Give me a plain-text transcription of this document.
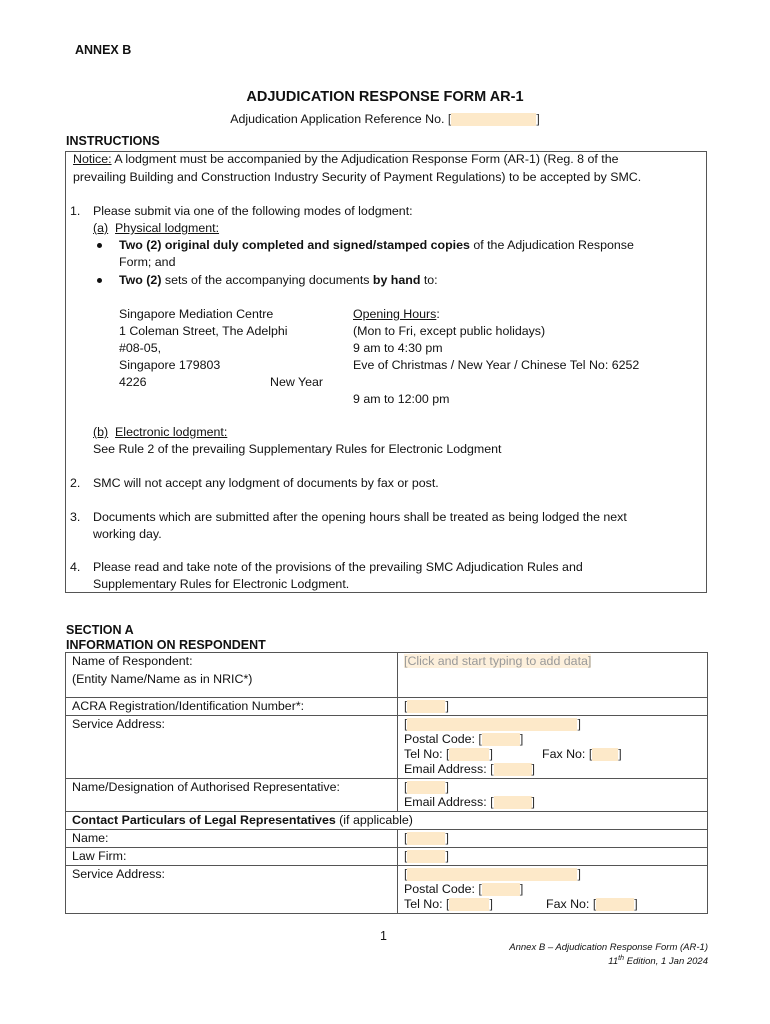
ANNEX B
ADJUDICATION RESPONSE FORM AR-1
Adjudication Application Reference No. [	]
INSTRUCTIONS
Notice: A lodgment must be accompanied by the Adjudication Response Form (AR-1) (Reg. 8 of the
prevailing Building and Construction Industry Security of Payment Regulations) to be accepted by SMC.
1. Please submit via one of the following modes of lodgment:
(a) Physical lodgment:
Two (2) original duly completed and signed/stamped copies of the Adjudication Response
Form; and
Two (2) sets of the accompanying documents by hand to:
Singapore Mediation Centre
1 Coleman Street, The Adelphi
#08-05,
Singapore 179803
4226	New Year
Opening Hours:
(Mon to Fri, except public holidays)
9 am to 4:30 pm
Eve of Christmas / New Year / Chinese Tel No: 6252
9 am to 12:00 pm
(b) Electronic lodgment:
See Rule 2 of the prevailing Supplementary Rules for Electronic Lodgment
2. SMC will not accept any lodgment of documents by fax or post.
3. Documents which are submitted after the opening hours shall be treated as being lodged the next
working day.
4. Please read and take note of the provisions of the prevailing SMC Adjudication Rules and
Supplementary Rules for Electronic Lodgment.
SECTION A
INFORMATION ON RESPONDENT
Name of Respondent:
(Entity Name/Name as in NRIC*)	[Click and start typing to add data]
ACRA Registration/Identification Number*:	[ ]
Service Address:	[ ]
Postal Code: [ ]
Tel No: [ ] Fax No: [ ]
Email Address: [ ]

Name/Designation of Authorised Representative:	[ ]
Email Address: [ ]

Contact Particulars of Legal Representatives (if applicable)	
Name:	[ ]
Law Firm:	[ ]
Service Address:	[ ]
Postal Code: [ ]
Tel No: [ ] Fax No: [ ]
1
Annex B – Adjudication Response Form (AR-1)
11th Edition, 1 Jan 2024
